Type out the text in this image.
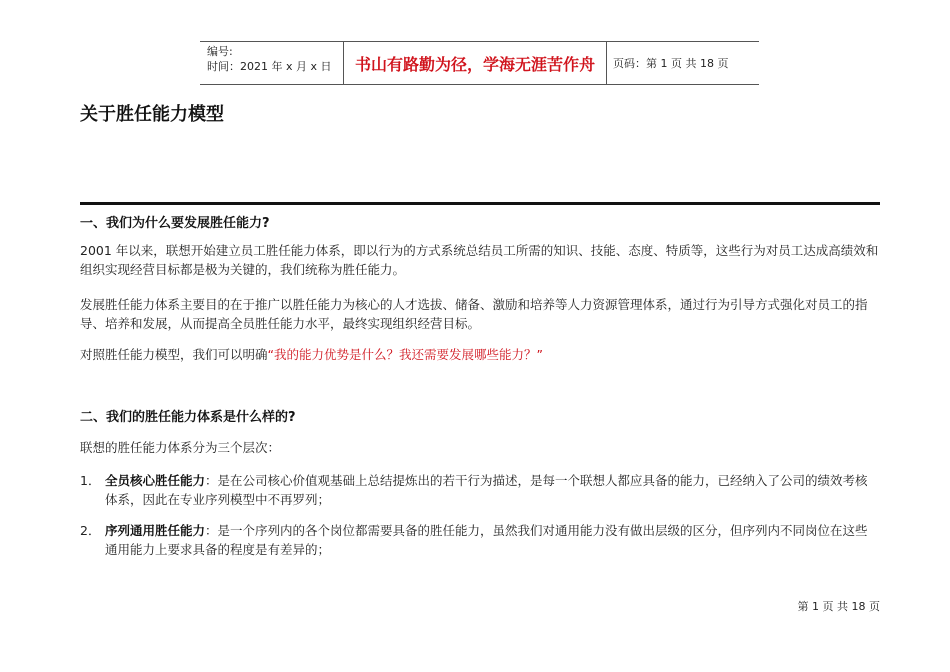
编号:
时间：2021 年 x 月 x 日	书山有路勤为径，学海无涯苦作舟	页码：第 1 页 共 18 页
关于胜任能力模型
一、我们为什么要发展胜任能力?

2001 年以来，联想开始建立员工胜任能力体系，即以行为的方式系统总结员工所需的知识、技能、态度、特质等，这些行为对员工达成高绩效和组织实现经营目标都是极为关键的，我们统称为胜任能力。

发展胜任能力体系主要目的在于推广以胜任能力为核心的人才选拔、储备、激励和培养等人力资源管理体系，通过行为引导方式强化对员工的指导、培养和发展，从而提高全员胜任能力水平，最终实现组织经营目标。

对照胜任能力模型，我们可以明确“我的能力优势是什么？我还需要发展哪些能力？”

二、我们的胜任能力体系是什么样的?

联想的胜任能力体系分为三个层次：

1． 全员核心胜任能力：是在公司核心价值观基础上总结提炼出的若干行为描述，是每一个联想人都应具备的能力，已经纳入了公司的绩效考核体系，因此在专业序列模型中不再罗列；
2． 序列通用胜任能力：是一个序列内的各个岗位都需要具备的胜任能力，虽然我们对通用能力没有做出层级的区分，但序列内不同岗位在这些通用能力上要求具备的程度是有差异的；
第 1 页 共 18 页
